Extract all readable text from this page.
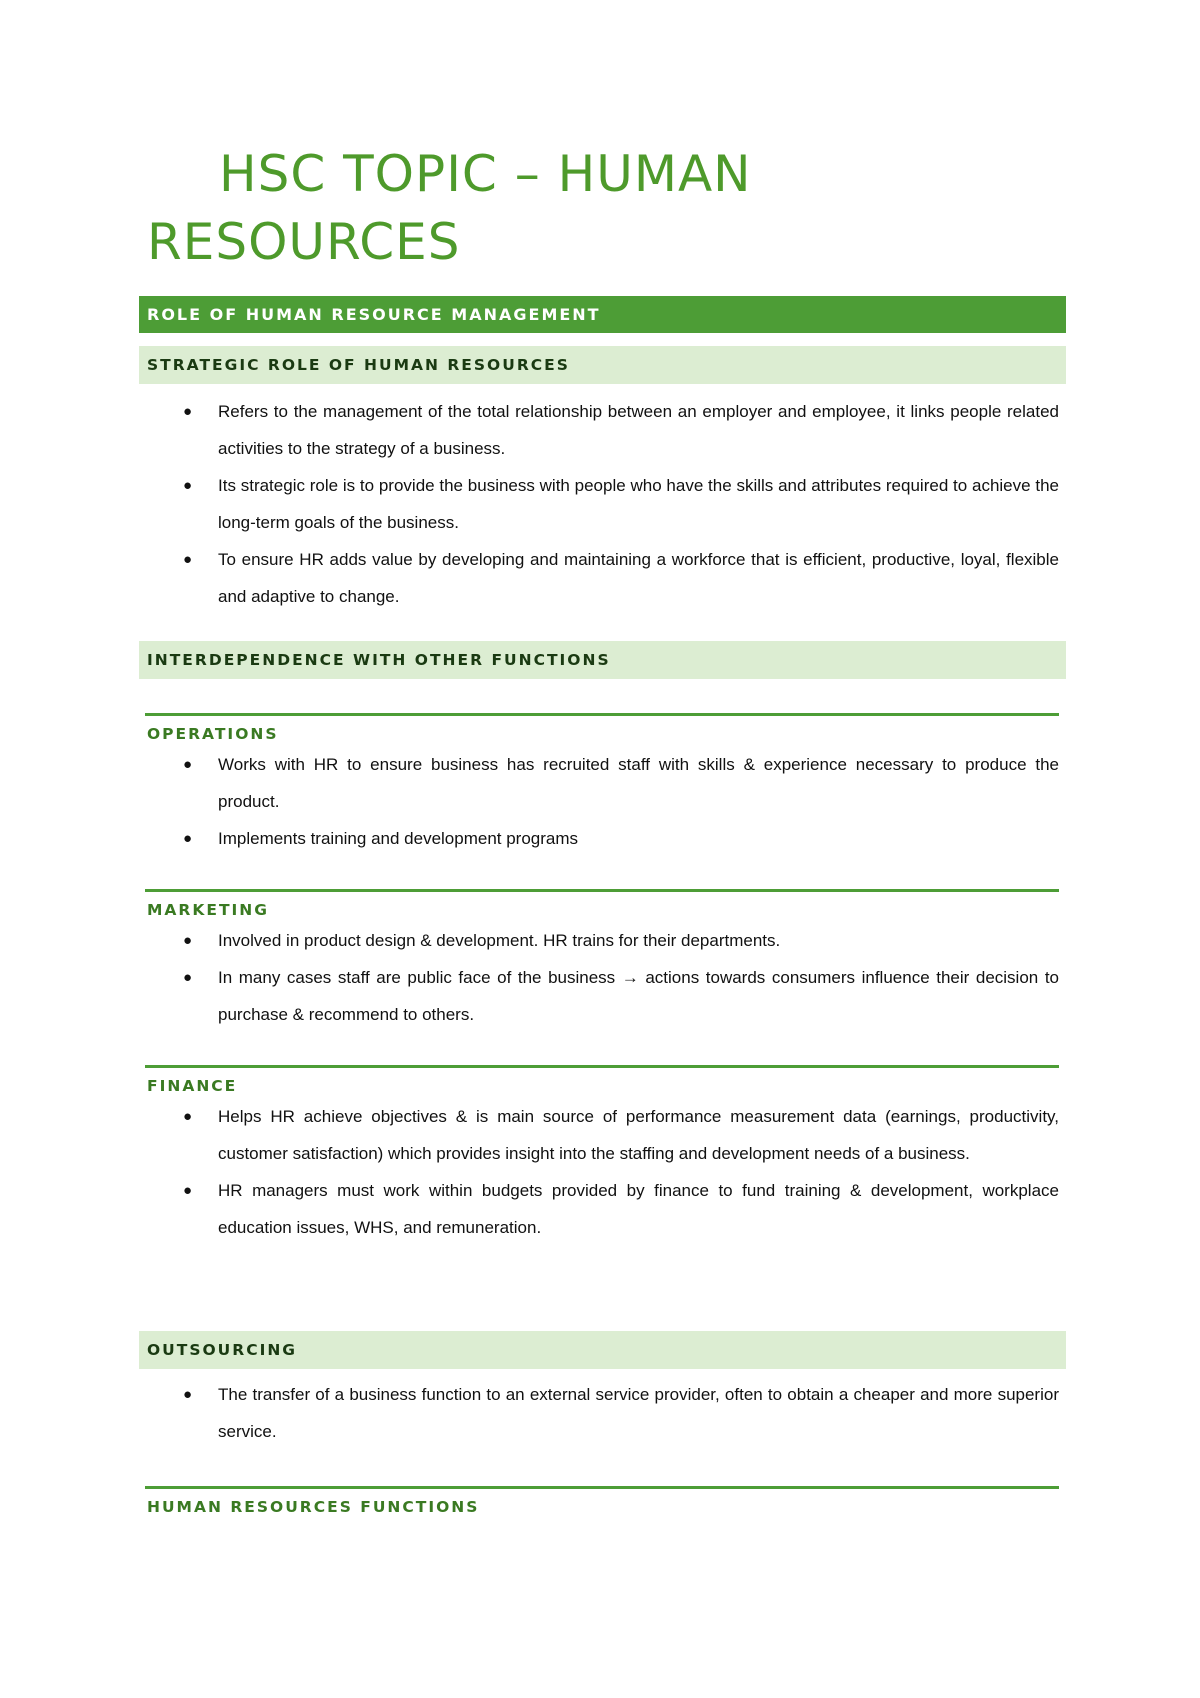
HSC TOPIC – HUMAN RESOURCES
ROLE OF HUMAN RESOURCE MANAGEMENT
STRATEGIC ROLE OF HUMAN RESOURCES
● Refers to the management of the total relationship between an employer and employee, it links people related activities to the strategy of a business.
● Its strategic role is to provide the business with people who have the skills and attributes required to achieve the long-term goals of the business.
● To ensure HR adds value by developing and maintaining a workforce that is efficient, productive, loyal, flexible and adaptive to change.
INTERDEPENDENCE WITH OTHER FUNCTIONS
OPERATIONS
● Works with HR to ensure business has recruited staff with skills & experience necessary to produce the product.
● Implements training and development programs
MARKETING
● Involved in product design & development. HR trains for their departments.
● In many cases staff are public face of the business → actions towards consumers influence their decision to purchase & recommend to others.
FINANCE
● Helps HR achieve objectives & is main source of performance measurement data (earnings, productivity, customer satisfaction) which provides insight into the staffing and development needs of a business.
● HR managers must work within budgets provided by finance to fund training & development, workplace education issues, WHS, and remuneration.
OUTSOURCING
● The transfer of a business function to an external service provider, often to obtain a cheaper and more superior service.
HUMAN RESOURCES FUNCTIONS
